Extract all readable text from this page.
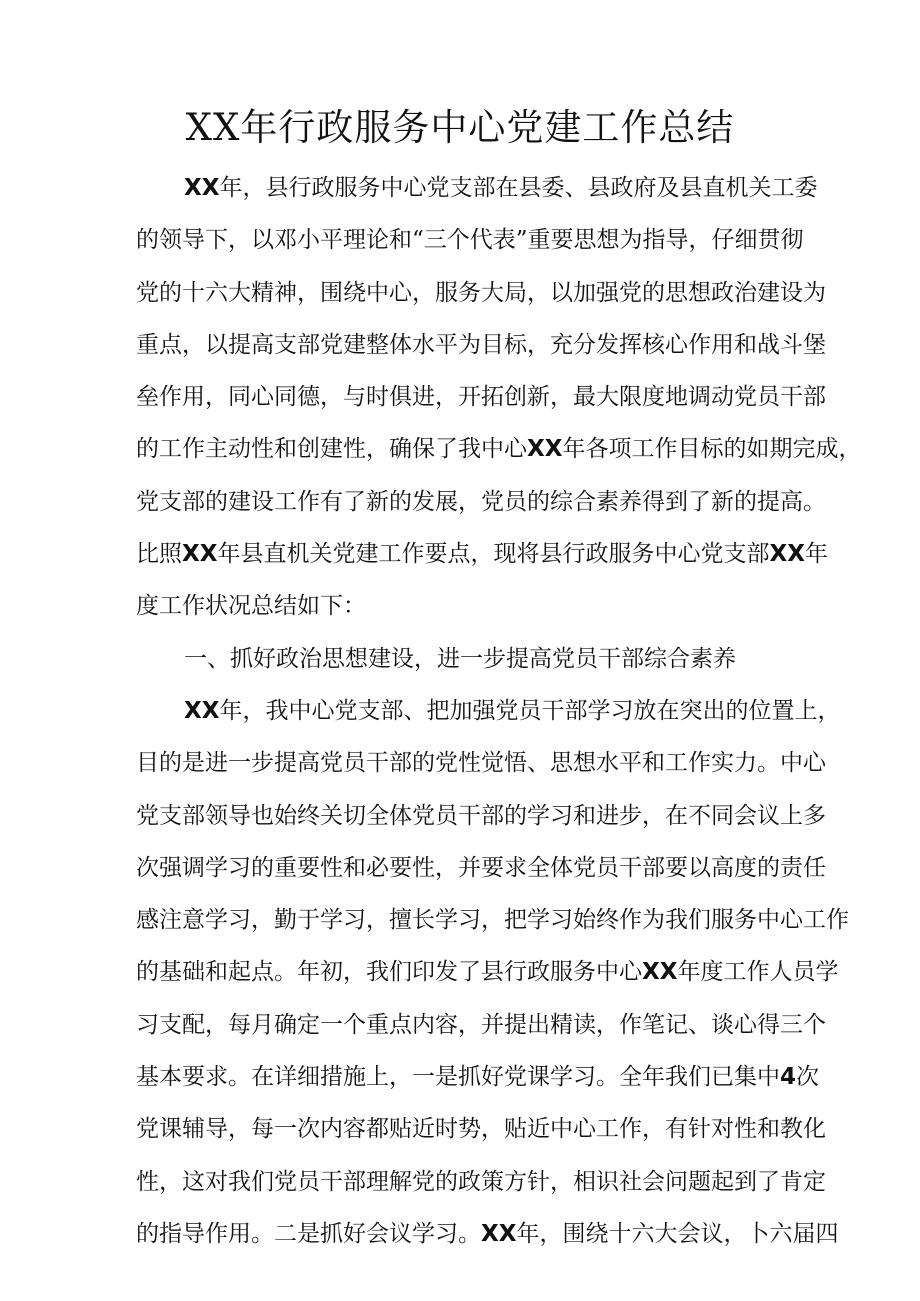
XX年行政服务中心党建工作总结
XX年，县行政服务中心党支部在县委、县政府及县直机关工委
的领导下，以邓小平理论和“三个代表”重要思想为指导，仔细贯彻
党的十六大精神，围绕中心，服务大局，以加强党的思想政治建设为
重点，以提高支部党建整体水平为目标，充分发挥核心作用和战斗堡
垒作用，同心同德，与时俱进，开拓创新，最大限度地调动党员干部
的工作主动性和创建性，确保了我中心XX年各项工作目标的如期完成，
党支部的建设工作有了新的发展，党员的综合素养得到了新的提高。
比照XX年县直机关党建工作要点，现将县行政服务中心党支部XX年
度工作状况总结如下：
一、抓好政治思想建设，进一步提高党员干部综合素养
XX年，我中心党支部、把加强党员干部学习放在突出的位置上，
目的是进一步提高党员干部的党性觉悟、思想水平和工作实力。中心
党支部领导也始终关切全体党员干部的学习和进步，在不同会议上多
次强调学习的重要性和必要性，并要求全体党员干部要以高度的责任
感注意学习，勤于学习，擅长学习，把学习始终作为我们服务中心工作
的基础和起点。年初，我们印发了县行政服务中心XX年度工作人员学
习支配，每月确定一个重点内容，并提出精读，作笔记、谈心得三个
基本要求。在详细措施上，一是抓好党课学习。全年我们已集中4次
党课辅导，每一次内容都贴近时势，贴近中心工作，有针对性和教化
性，这对我们党员干部理解党的政策方针，相识社会问题起到了肯定
的指导作用。二是抓好会议学习。XX年，围绕十六大会议，卜六届四
